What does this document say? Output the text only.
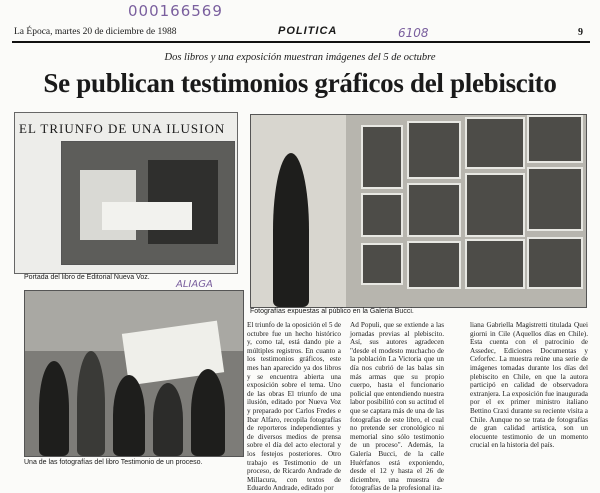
000166569
6108
La Época, martes 20 de diciembre de 1988	POLITICA	9
Dos libros y una exposición muestran imágenes del 5 de octubre
Se publican testimonios gráficos del plebiscito
EL TRIUNFO DE UNA ILUSION
Portada del libro de Editorial Nueva Voz.
Fotografías expuestas al público en la Galería Bucci.
ALIAGA
Una de las fotografías del libro Testimonio de un proceso.
El triunfo de la oposición el 5 de octubre fue un hecho histórico y, como tal, está dando pie a múltiples registros. En cuanto a los testimonios gráficos, este mes han aparecido ya dos libros y se encuentra abierta una exposición sobre el tema. Uno de las obras El triunfo de una ilusión, editado por Nueva Voz y preparado por Carlos Fredes e Ibar Alfaro, recopila fotografías de reporteros independientes y de diversos medios de prensa sobre el día del acto electoral y los festejos posteriores. Otro trabajo es Testimonio de un proceso, de Ricardo Andrade de Millacura, con textos de Eduardo Andrade, editado por
Ad Populi, que se extiende a las jornadas previas al plebiscito. Así, sus autores agradecen "desde el modesto muchacho de la población La Victoria que un día nos cubrió de las balas sin más armas que su propio cuerpo, hasta el funcionario policial que entendiendo nuestra labor posibilitó con su actitud el que se captara más de una de las fotografías de este libro, el cual no pretende ser cronológico ni memorial sino sólo testimonio de un proceso". Además, la Galería Bucci, de la calle Huérfanos está exponiendo, desde el 12 y hasta el 26 de diciembre, una muestra de fotografías de la profesional ita-
liana Gabriella Magistretti titulada Quei giorni in Cile (Aquellos días en Chile). Esta cuenta con el patrocinio de Assedec, Ediciones Documentas y Ceforfec. La muestra reúne una serie de imágenes tomadas durante los días del plebiscito en Chile, en que la autora participó en calidad de observadora extranjera. La exposición fue inaugurada por el ex primer ministro italiano Bettino Craxi durante su reciente visita a Chile. Aunque no se trata de fotografías de gran calidad artística, son un elocuente testimonio de un momento crucial en la historia del país.
